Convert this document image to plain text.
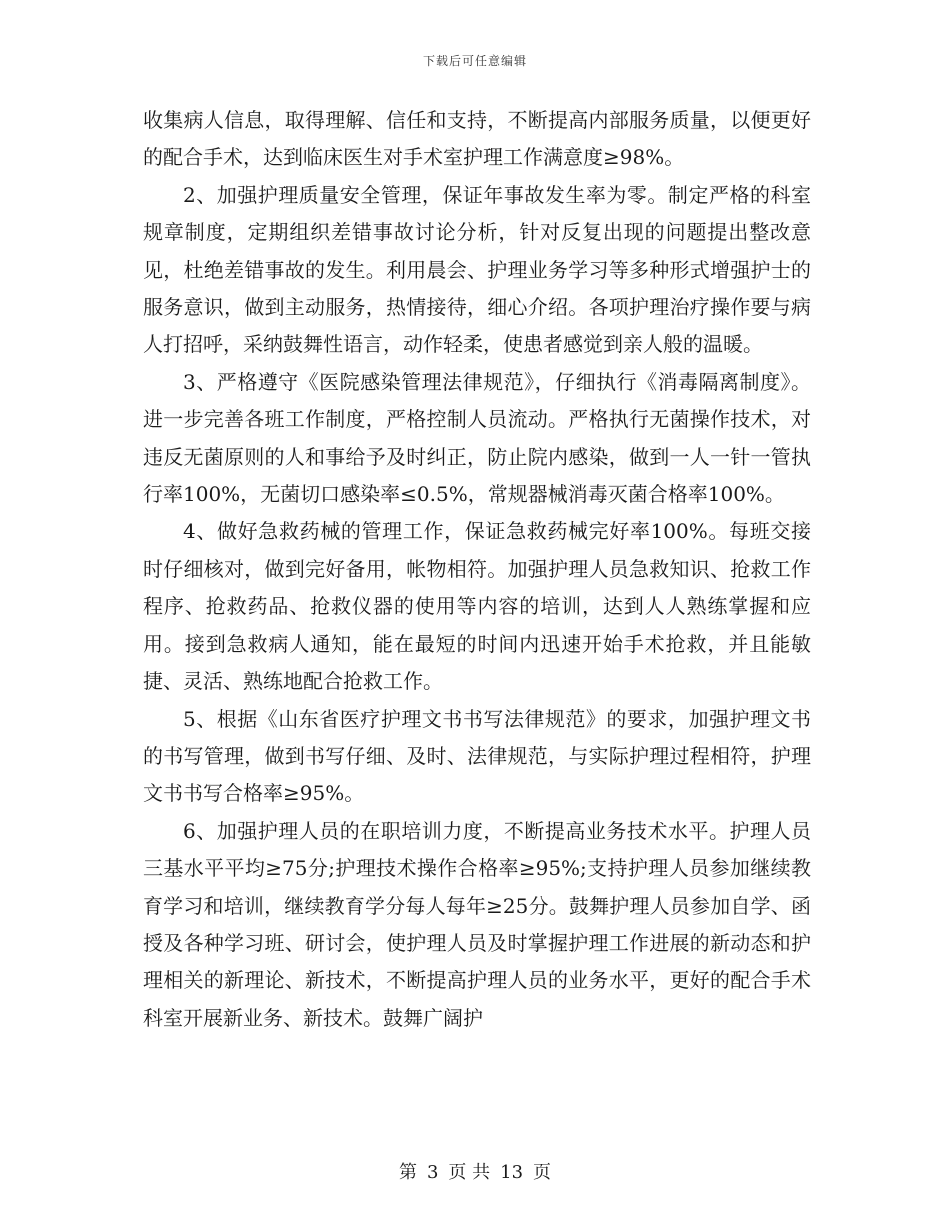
下载后可任意编辑

收集病人信息，取得理解、信任和支持，不断提高内部服务质量，以便更好的配合手术，达到临床医生对手术室护理工作满意度≥98%。

2、加强护理质量安全管理，保证年事故发生率为零。制定严格的科室规章制度，定期组织差错事故讨论分析，针对反复出现的问题提出整改意见，杜绝差错事故的发生。利用晨会、护理业务学习等多种形式增强护士的服务意识，做到主动服务，热情接待，细心介绍。各项护理治疗操作要与病人打招呼，采纳鼓舞性语言，动作轻柔，使患者感觉到亲人般的温暖。

3、严格遵守《医院感染管理法律规范》，仔细执行《消毒隔离制度》。进一步完善各班工作制度，严格控制人员流动。严格执行无菌操作技术，对违反无菌原则的人和事给予及时纠正，防止院内感染，做到一人一针一管执行率100%，无菌切口感染率≤0.5%，常规器械消毒灭菌合格率100%。

4、做好急救药械的管理工作，保证急救药械完好率100%。每班交接时仔细核对，做到完好备用，帐物相符。加强护理人员急救知识、抢救工作程序、抢救药品、抢救仪器的使用等内容的培训，达到人人熟练掌握和应用。接到急救病人通知，能在最短的时间内迅速开始手术抢救，并且能敏捷、灵活、熟练地配合抢救工作。

5、根据《山东省医疗护理文书书写法律规范》的要求，加强护理文书的书写管理，做到书写仔细、及时、法律规范，与实际护理过程相符，护理文书书写合格率≥95%。

6、加强护理人员的在职培训力度，不断提高业务技术水平。护理人员三基水平平均≥75分;护理技术操作合格率≥95%;支持护理人员参加继续教育学习和培训，继续教育学分每人每年≥25分。鼓舞护理人员参加自学、函授及各种学习班、研讨会，使护理人员及时掌握护理工作进展的新动态和护理相关的新理论、新技术，不断提高护理人员的业务水平，更好的配合手术科室开展新业务、新技术。鼓舞广阔护

第 3 页 共 13 页
